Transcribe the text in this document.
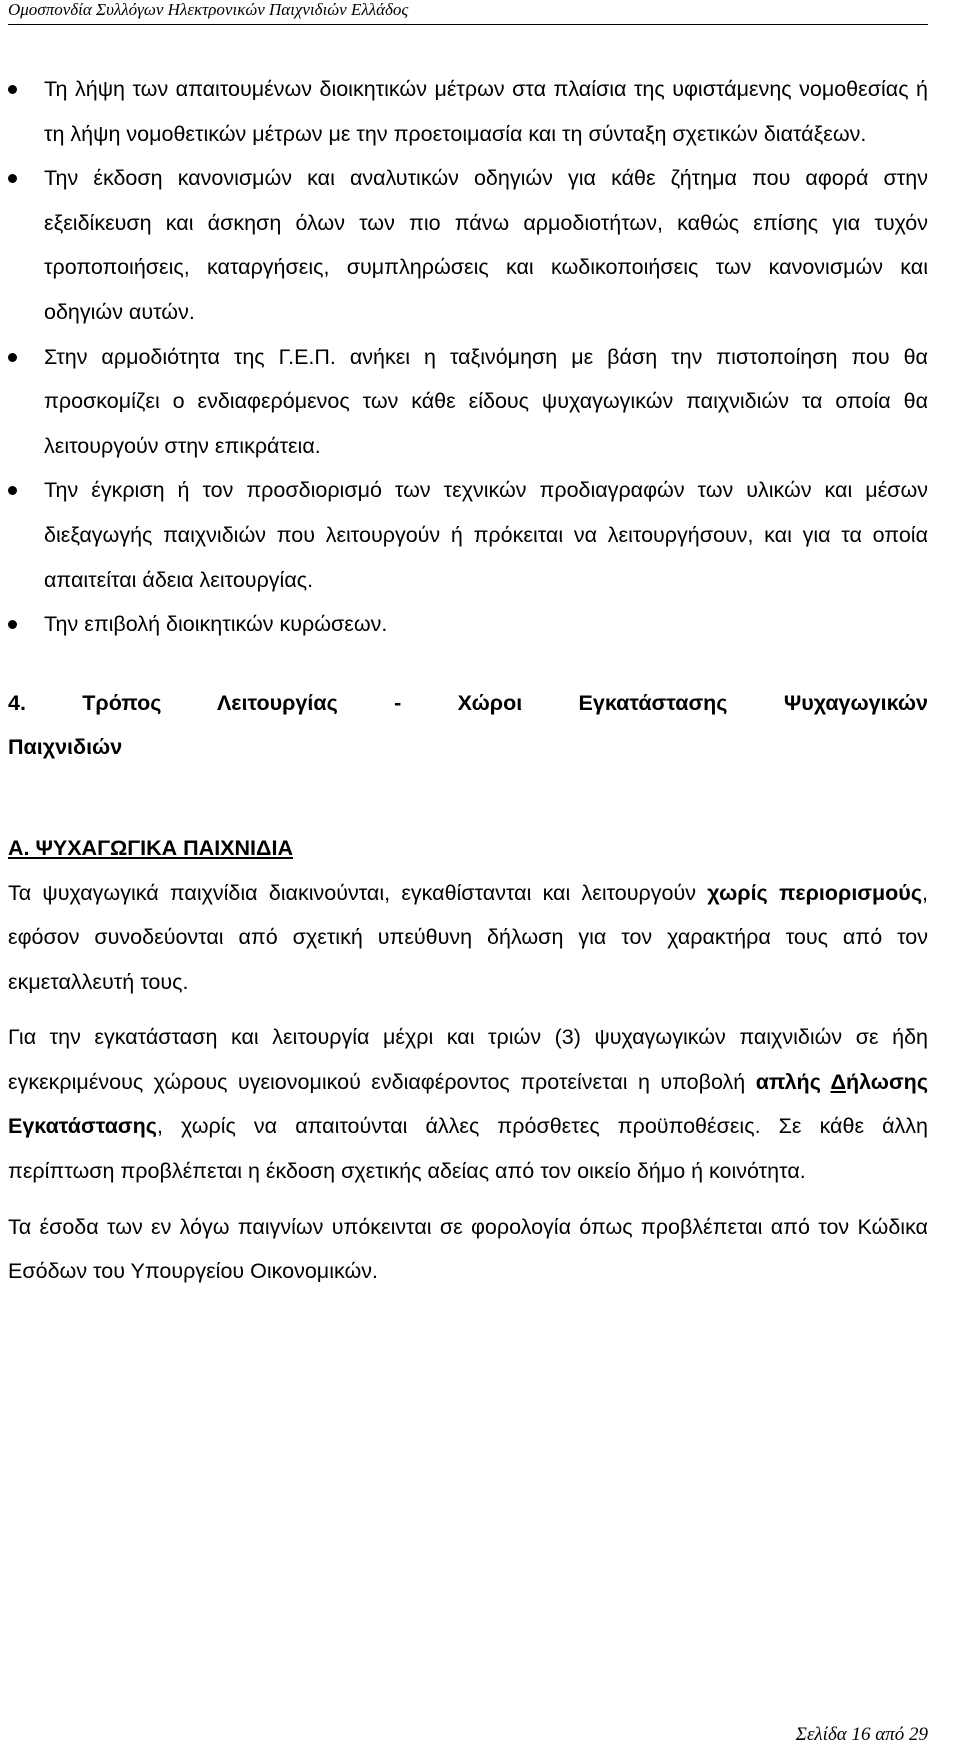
Ομοσπονδία Συλλόγων Ηλεκτρονικών Παιχνιδιών Ελλάδος
Τη λήψη των απαιτουμένων διοικητικών μέτρων στα πλαίσια της υφιστάμενης νομοθεσίας ή τη λήψη νομοθετικών μέτρων με την προετοιμασία και τη σύνταξη σχετικών διατάξεων.
Την έκδοση κανονισμών και αναλυτικών οδηγιών για κάθε ζήτημα που αφορά στην εξειδίκευση και άσκηση όλων των πιο πάνω αρμοδιοτήτων, καθώς επίσης για τυχόν τροποποιήσεις, καταργήσεις, συμπληρώσεις και κωδικοποιήσεις των κανονισμών και οδηγιών αυτών.
Στην αρμοδιότητα της Γ.Ε.Π. ανήκει η ταξινόμηση με βάση την πιστοποίηση που θα προσκομίζει ο ενδιαφερόμενος των κάθε είδους ψυχαγωγικών παιχνιδιών τα οποία θα λειτουργούν στην επικράτεια.
Την έγκριση ή τον προσδιορισμό των τεχνικών προδιαγραφών των υλικών και μέσων διεξαγωγής παιχνιδιών που λειτουργούν ή πρόκειται να λειτουργήσουν, και για τα οποία απαιτείται άδεια λειτουργίας.
Την επιβολή διοικητικών κυρώσεων.
4. Τρόπος Λειτουργίας - Χώροι Εγκατάστασης Ψυχαγωγικών
Παιχνιδιών
Α. ΨΥΧΑΓΩΓΙΚΑ ΠΑΙΧΝΙΔΙΑ

Τα ψυχαγωγικά παιχνίδια διακινούνται, εγκαθίστανται και λειτουργούν χωρίς περιορισμούς, εφόσον συνοδεύονται από σχετική υπεύθυνη δήλωση για τον χαρακτήρα τους από τον εκμεταλλευτή τους.

Για την εγκατάσταση και λειτουργία μέχρι και τριών (3) ψυχαγωγικών παιχνιδιών σε ήδη εγκεκριμένους χώρους υγειονομικού ενδιαφέροντος προτείνεται η υποβολή απλής Δήλωσης Εγκατάστασης, χωρίς να απαιτούνται άλλες πρόσθετες προϋποθέσεις. Σε κάθε άλλη περίπτωση προβλέπεται η έκδοση σχετικής αδείας από τον οικείο δήμο ή κοινότητα.

Τα έσοδα των εν λόγω παιγνίων υπόκεινται σε φορολογία όπως προβλέπεται από τον Κώδικα Εσόδων του Υπουργείου Οικονομικών.

Σελίδα 16 από 29
